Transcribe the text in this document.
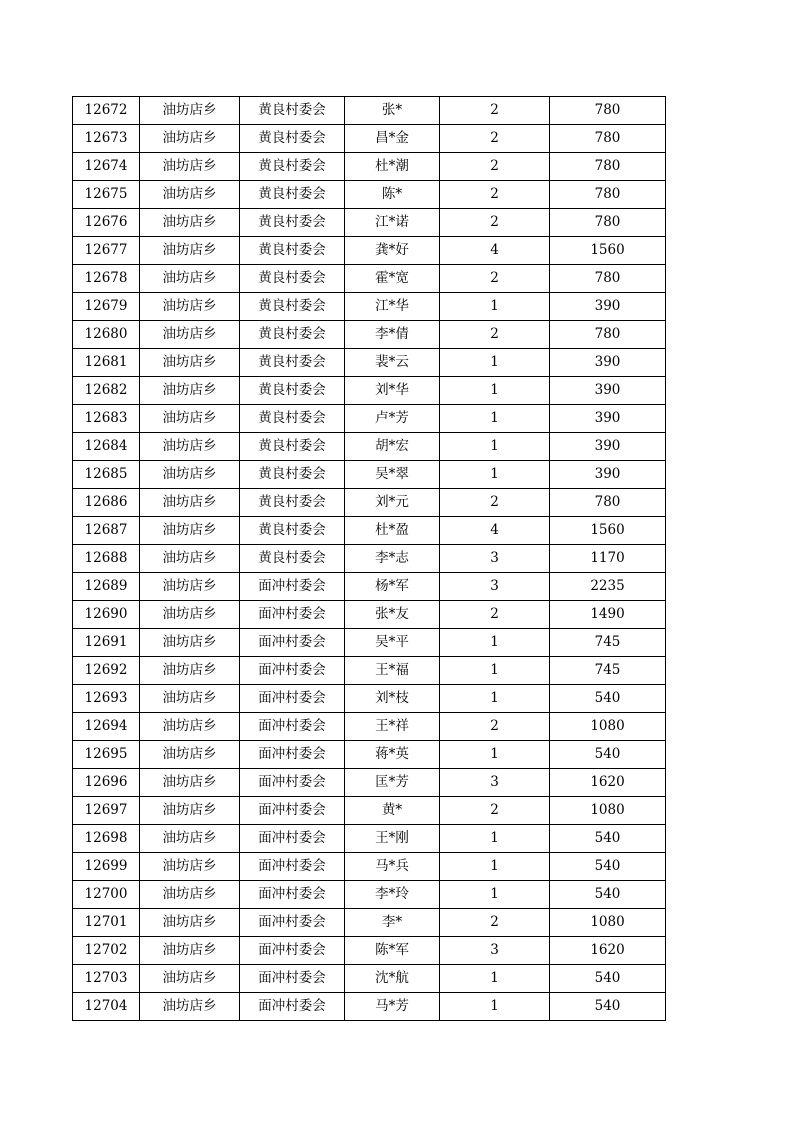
12672	油坊店乡	黄良村委会	张*	2	780
12673	油坊店乡	黄良村委会	昌*金	2	780
12674	油坊店乡	黄良村委会	杜*潮	2	780
12675	油坊店乡	黄良村委会	陈*	2	780
12676	油坊店乡	黄良村委会	江*诺	2	780
12677	油坊店乡	黄良村委会	龚*好	4	1560
12678	油坊店乡	黄良村委会	霍*宽	2	780
12679	油坊店乡	黄良村委会	江*华	1	390
12680	油坊店乡	黄良村委会	李*倩	2	780
12681	油坊店乡	黄良村委会	裴*云	1	390
12682	油坊店乡	黄良村委会	刘*华	1	390
12683	油坊店乡	黄良村委会	卢*芳	1	390
12684	油坊店乡	黄良村委会	胡*宏	1	390
12685	油坊店乡	黄良村委会	吴*翠	1	390
12686	油坊店乡	黄良村委会	刘*元	2	780
12687	油坊店乡	黄良村委会	杜*盈	4	1560
12688	油坊店乡	黄良村委会	李*志	3	1170
12689	油坊店乡	面冲村委会	杨*军	3	2235
12690	油坊店乡	面冲村委会	张*友	2	1490
12691	油坊店乡	面冲村委会	吴*平	1	745
12692	油坊店乡	面冲村委会	王*福	1	745
12693	油坊店乡	面冲村委会	刘*枝	1	540
12694	油坊店乡	面冲村委会	王*祥	2	1080
12695	油坊店乡	面冲村委会	蒋*英	1	540
12696	油坊店乡	面冲村委会	匡*芳	3	1620
12697	油坊店乡	面冲村委会	黄*	2	1080
12698	油坊店乡	面冲村委会	王*刚	1	540
12699	油坊店乡	面冲村委会	马*兵	1	540
12700	油坊店乡	面冲村委会	李*玲	1	540
12701	油坊店乡	面冲村委会	李*	2	1080
12702	油坊店乡	面冲村委会	陈*军	3	1620
12703	油坊店乡	面冲村委会	沈*航	1	540
12704	油坊店乡	面冲村委会	马*芳	1	540
